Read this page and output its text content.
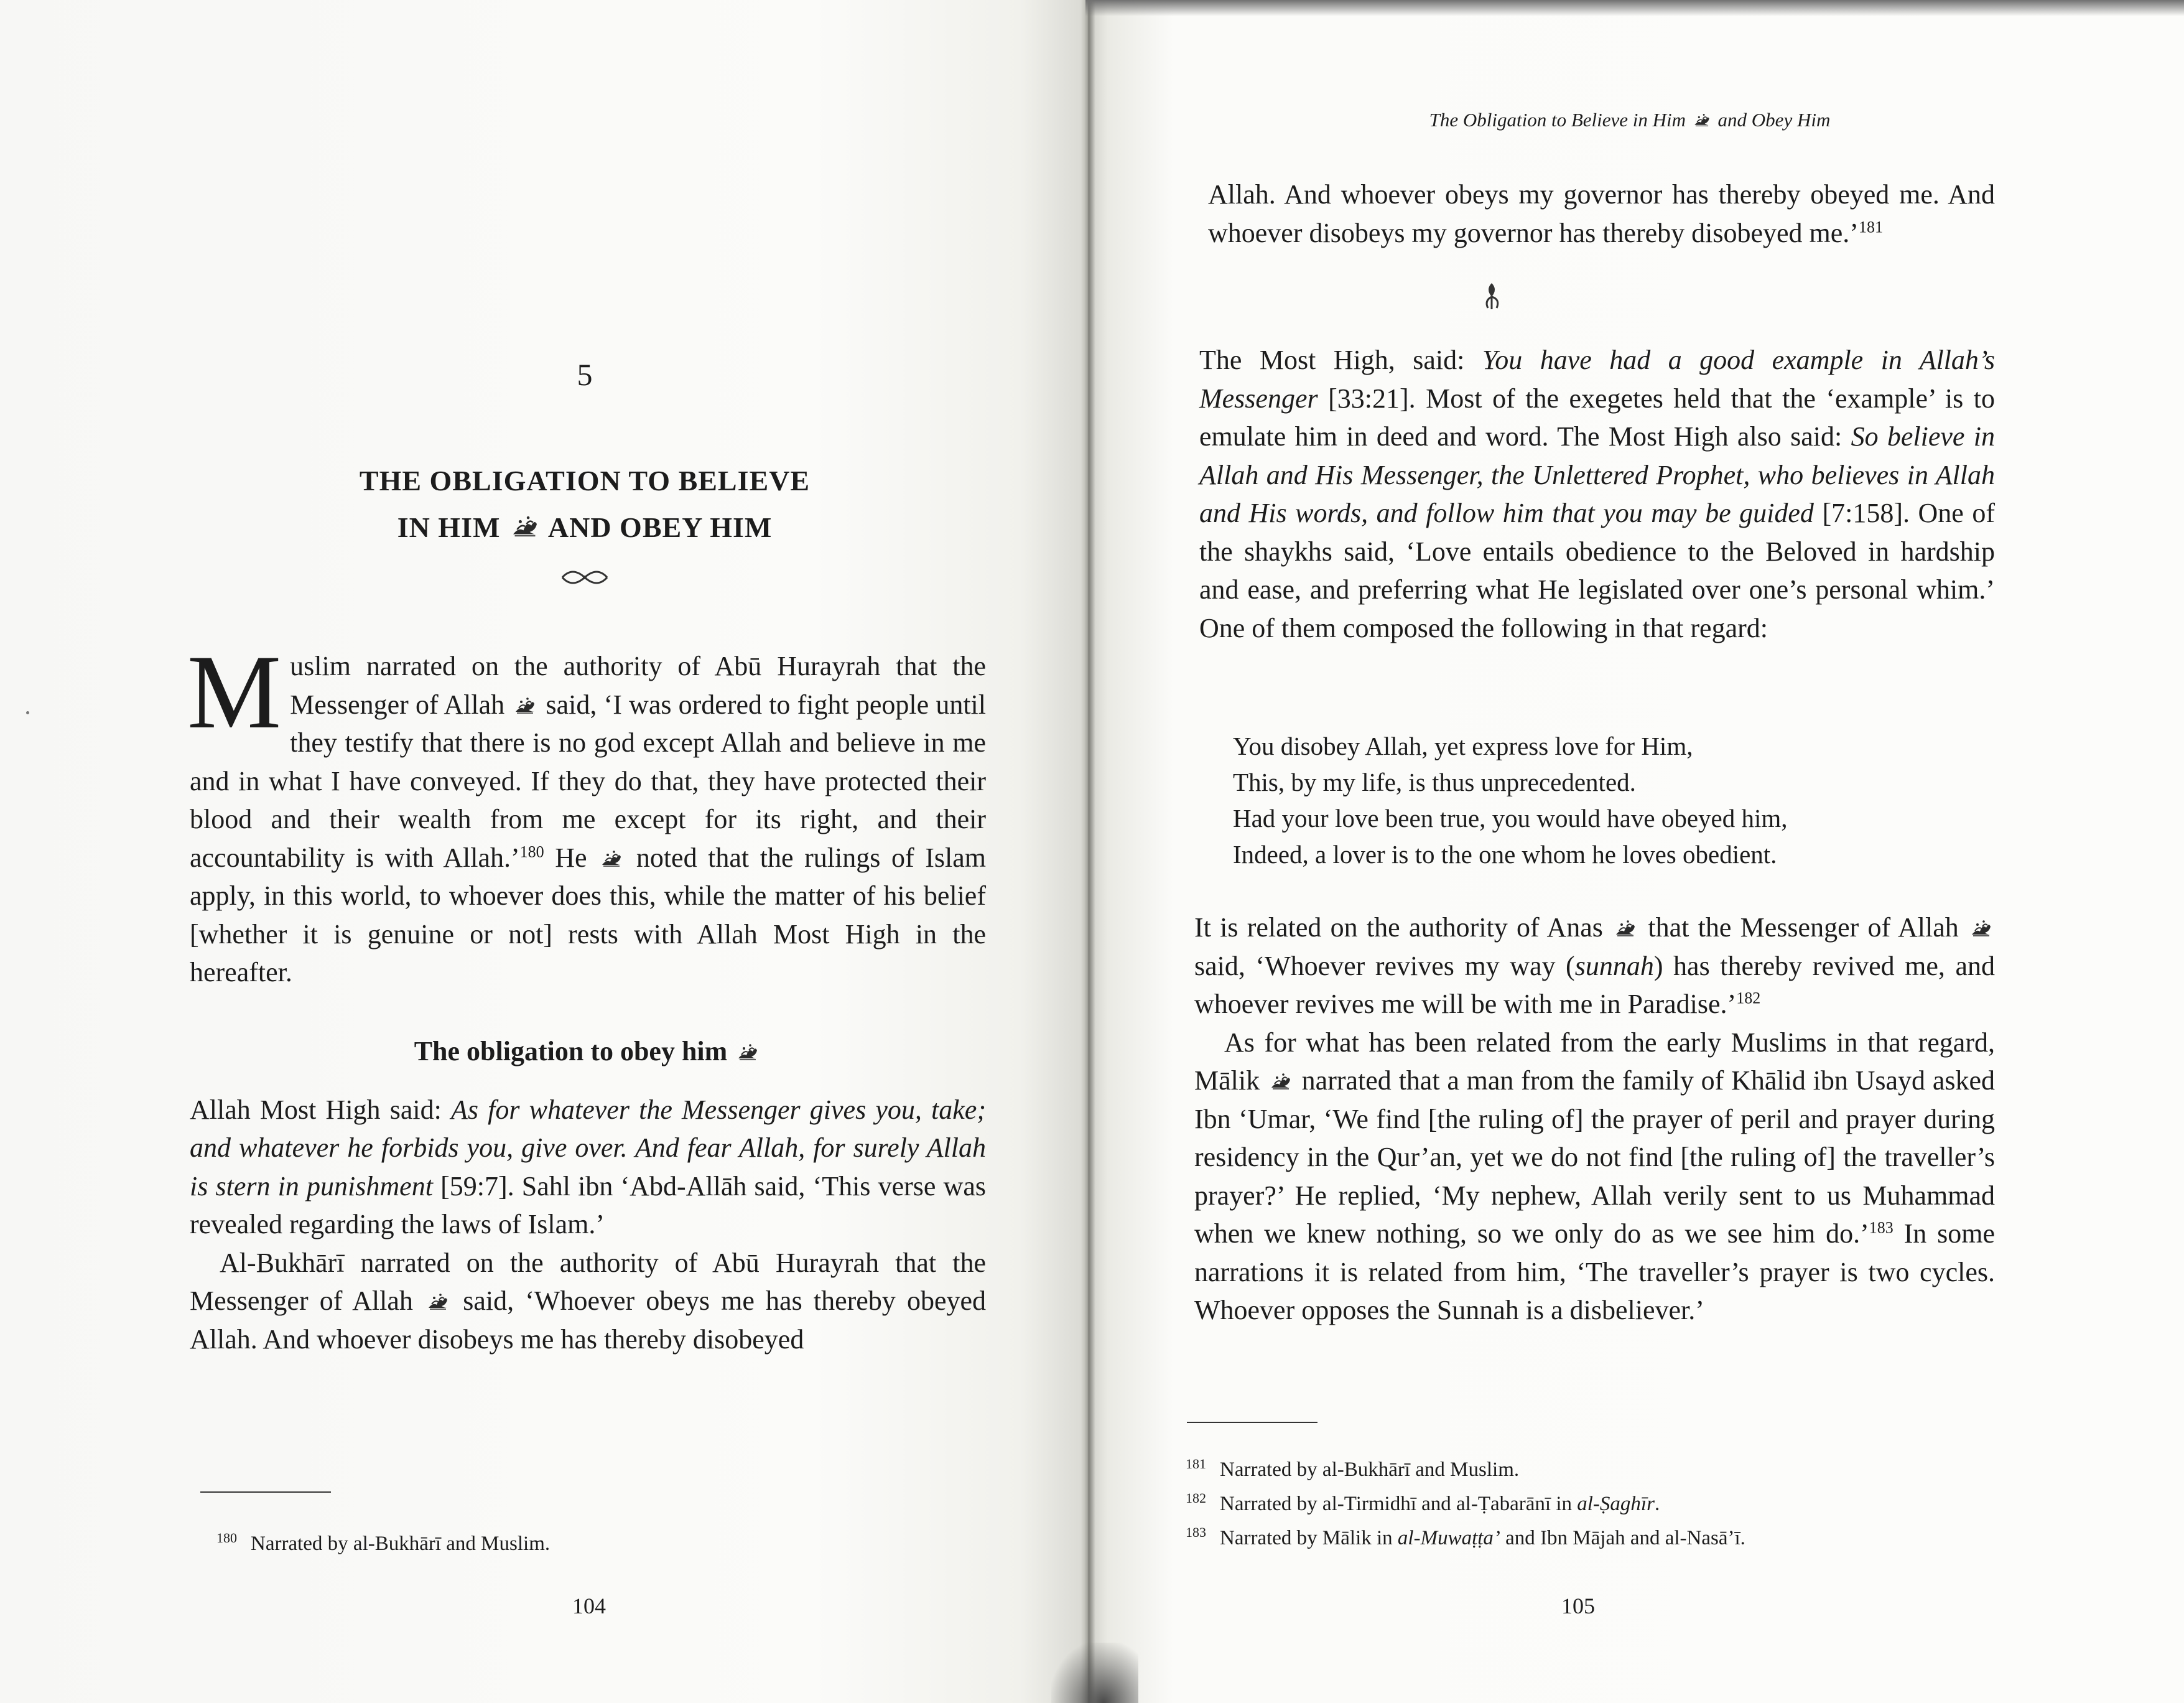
5
THE OBLIGATION TO BELIEVE
IN HIM AND OBEY HIM

M uslim narrated on the authority of Abū Hurayrah that the Messenger of Allah said, ‘I was ordered to fight people until they testify that there is no god except Allah and believe in me and in what I have conveyed. If they do that, they have protected their blood and their wealth from me except for its right, and their accountability is with Allah.’$^{180}$ He noted that the rulings of Islam apply, in this world, to whoever does this, while the matter of his belief [whether it is genuine or not] rests with Allah Most High in the hereafter.

The obligation to obey him

Allah Most High said: As for whatever the Messenger gives you, take; and whatever he forbids you, give over. And fear Allah, for surely Allah is stern in punishment [59:7]. Sahl ibn ‘Abd-Allāh said, ‘This verse was revealed regarding the laws of Islam.’

Al-Bukhārī narrated on the authority of Abū Hurayrah that the Messenger of Allah said, ‘Whoever obeys me has thereby obeyed Allah. And whoever disobeys me has thereby disobeyed

$^{180}$ Narrated by al-Bukhārī and Muslim.
104
The Obligation to Believe in Him and Obey Him

Allah. And whoever obeys my governor has thereby obeyed me. And whoever disobeys my governor has thereby disobeyed me.’$^{181}$

The Most High, said: You have had a good example in Allah’s Messenger [33:21]. Most of the exegetes held that the ‘example’ is to emulate him in deed and word. The Most High also said: So believe in Allah and His Messenger, the Unlettered Prophet, who believes in Allah and His words, and follow him that you may be guided [7:158]. One of the shaykhs said, ‘Love entails obedience to the Beloved in hardship and ease, and preferring what He legislated over one’s personal whim.’ One of them composed the following in that regard:

You disobey Allah, yet express love for Him,
This, by my life, is thus unprecedented.
Had your love been true, you would have obeyed him,
Indeed, a lover is to the one whom he loves obedient.

It is related on the authority of Anas that the Messenger of Allah
said, ‘Whoever revives my way (sunnah) has thereby revived me, and whoever revives me will be with me in Paradise.’$^{182}$

As for what has been related from the early Muslims in that regard, Mālik narrated that a man from the family of Khālid ibn Usayd asked Ibn ‘Umar, ‘We find [the ruling of] the prayer of peril and prayer during residency in the Qur’an, yet we do not find [the ruling of] the traveller’s prayer?’ He replied, ‘My nephew, Allah verily sent to us Muhammad when we knew nothing, so we only do as we see him do.’$^{183}$ In some narrations it is related from him, ‘The traveller’s prayer is two cycles. Whoever opposes the Sunnah is a disbeliever.’

$^{181}$ Narrated by al-Bukhārī and Muslim.
$^{182}$ Narrated by al-Tirmidhī and al-Ṭabarānī in al-Ṣaghīr.
$^{183}$ Narrated by Mālik in al-Muwaṭṭa’ and Ibn Mājah and al-Nasā’ī.
105
